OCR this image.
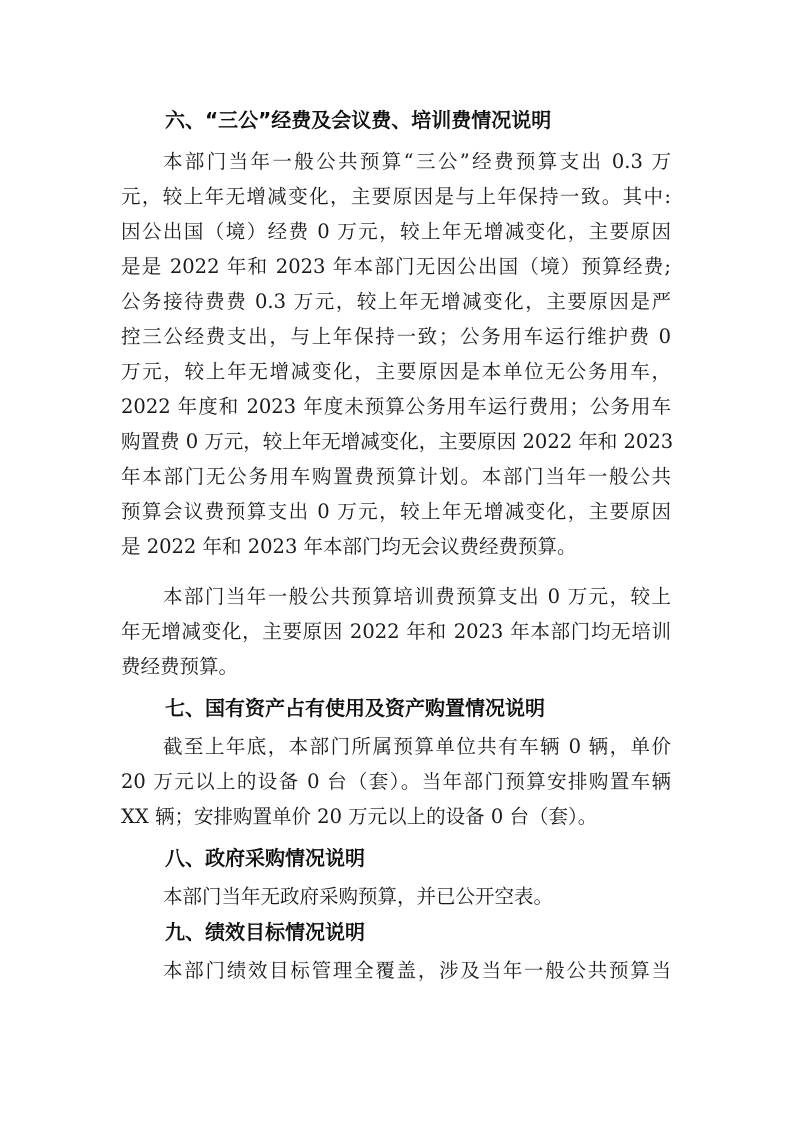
六、“三公”经费及会议费、培训费情况说明
本部门当年一般公共预算“三公”经费预算支出 0.3 万
元，较上年无增减变化，主要原因是与上年保持一致。其中:
因公出国（境）经费 0 万元，较上年无增减变化，主要原因
是是 2022 年和 2023 年本部门无因公出国（境）预算经费;
公务接待费费 0.3 万元，较上年无增减变化，主要原因是严
控三公经费支出，与上年保持一致；公务用车运行维护费 0
万元，较上年无增减变化，主要原因是本单位无公务用车，
2022 年度和 2023 年度未预算公务用车运行费用；公务用车
购置费 0 万元，较上年无增减变化，主要原因 2022 年和 2023
年本部门无公务用车购置费预算计划。本部门当年一般公共
预算会议费预算支出 0 万元，较上年无增减变化，主要原因
是 2022 年和 2023 年本部门均无会议费经费预算。
本部门当年一般公共预算培训费预算支出 0 万元，较上
年无增减变化，主要原因 2022 年和 2023 年本部门均无培训
费经费预算。
七、国有资产占有使用及资产购置情况说明
截至上年底，本部门所属预算单位共有车辆 0 辆，单价
20 万元以上的设备 0 台（套）。当年部门预算安排购置车辆
XX 辆；安排购置单价 20 万元以上的设备 0 台（套）。
八、政府采购情况说明
本部门当年无政府采购预算，并已公开空表。
九、绩效目标情况说明
本部门绩效目标管理全覆盖，涉及当年一般公共预算当
